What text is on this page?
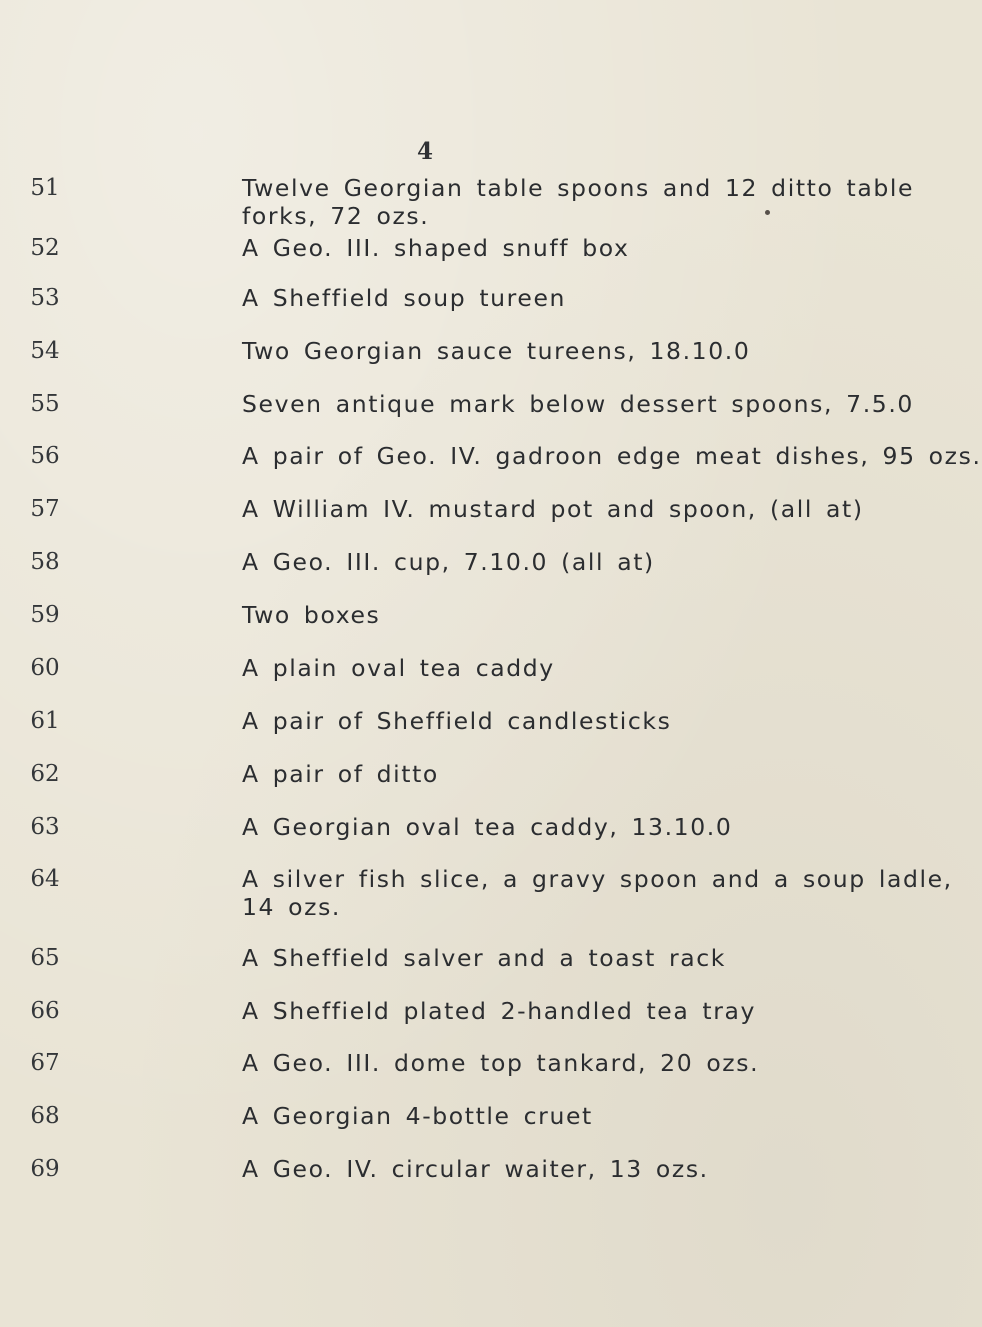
4
51	Twelve Georgian table spoons and 12 ditto table
forks, 72 ozs.
52	A Geo. III. shaped snuff box
53	A Sheffield soup tureen
54	Two Georgian sauce tureens, 18.10.0
55	Seven antique mark below dessert spoons, 7.5.0
56	A pair of Geo. IV. gadroon edge meat dishes, 95 ozs.
57	A William IV. mustard pot and spoon, (all at)
58	A Geo. III. cup, 7.10.0 (all at)
59	Two boxes
60	A plain oval tea caddy
61	A pair of Sheffield candlesticks
62	A pair of ditto
63	A Georgian oval tea caddy, 13.10.0
64	A silver fish slice, a gravy spoon and a soup ladle,
14 ozs.
65	A Sheffield salver and a toast rack
66	A Sheffield plated 2-handled tea tray
67	A Geo. III. dome top tankard, 20 ozs.
68	A Georgian 4-bottle cruet
69	A Geo. IV. circular waiter, 13 ozs.
